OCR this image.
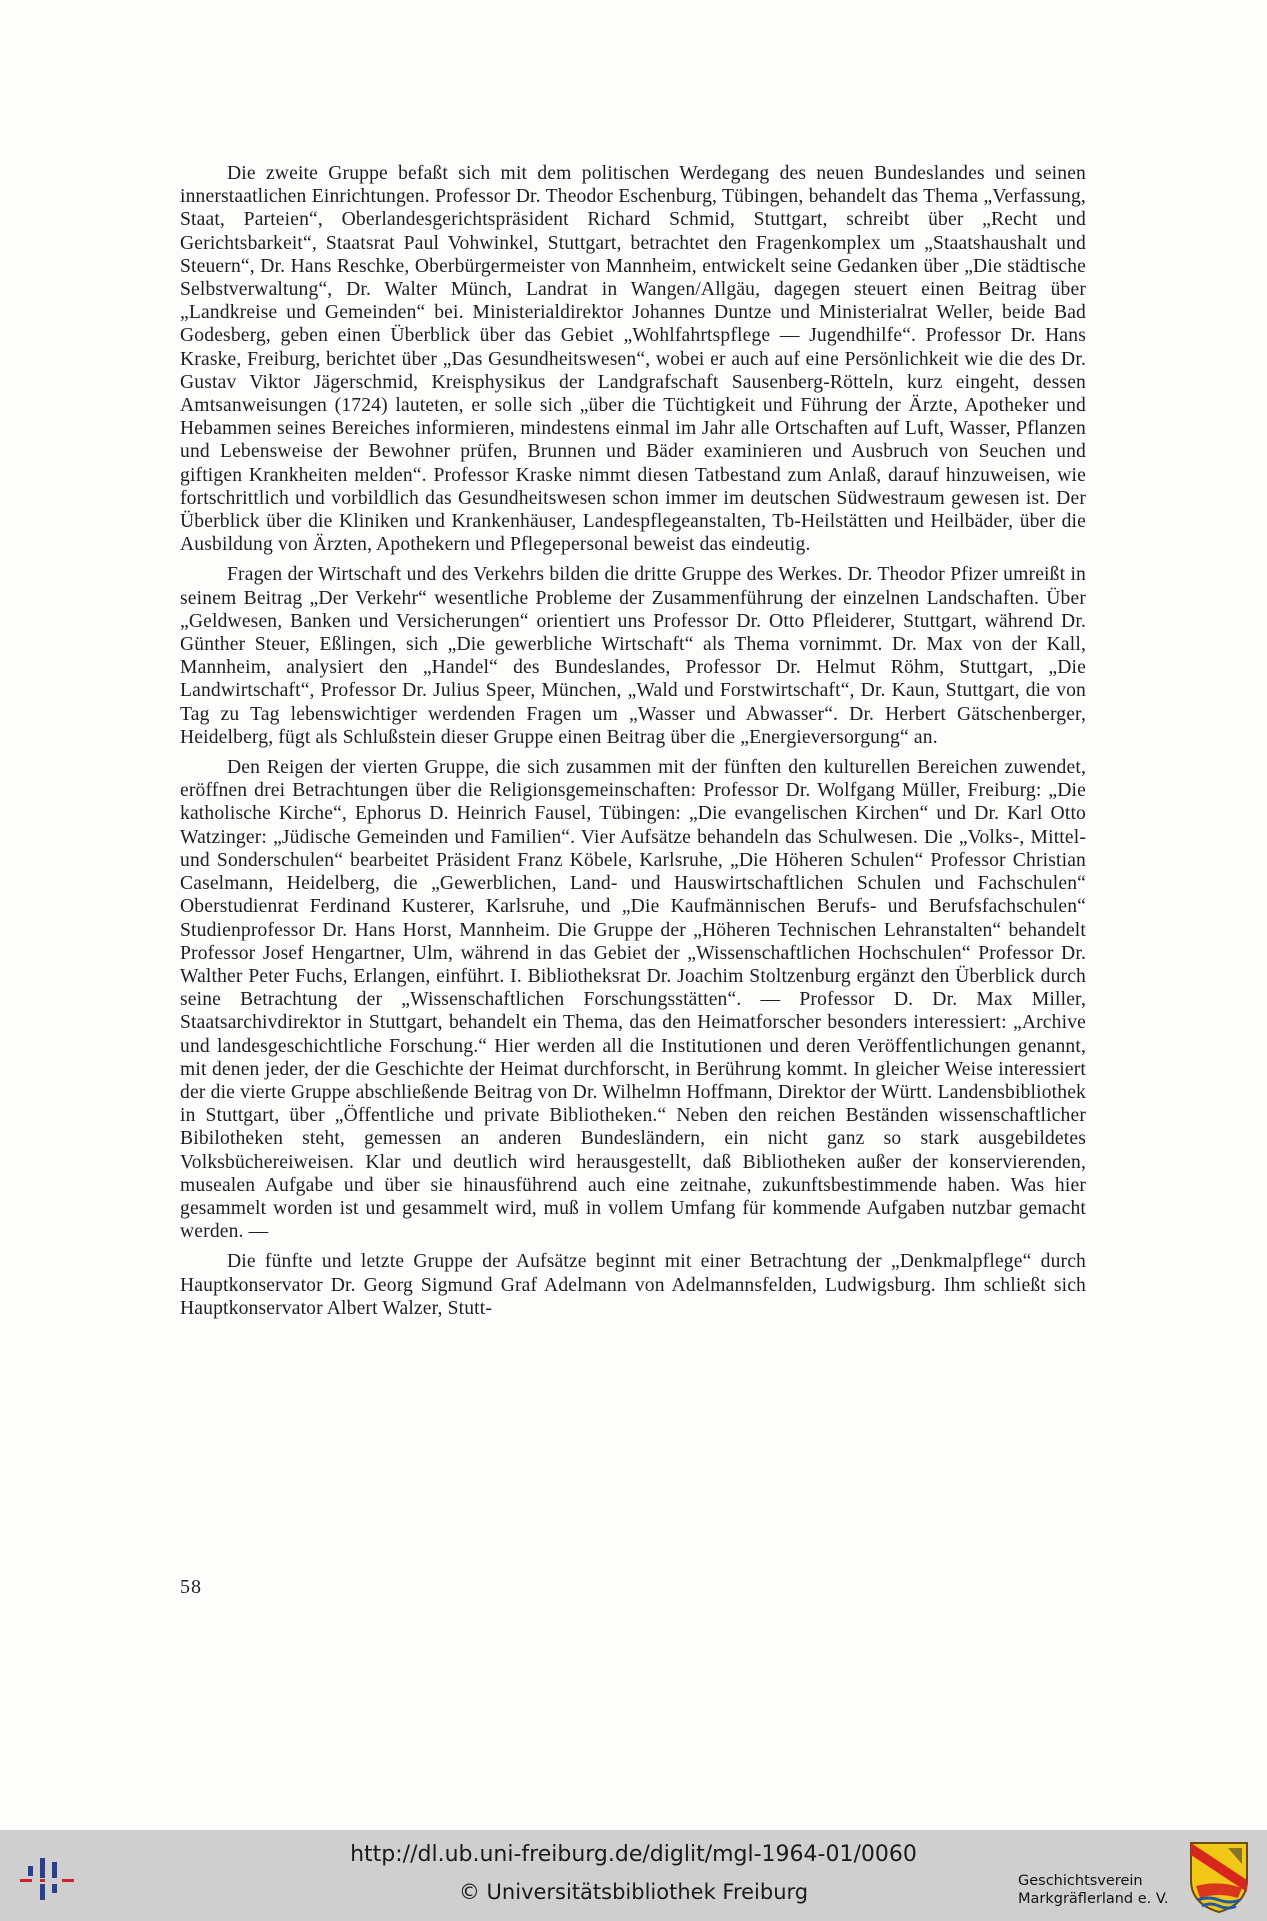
Die zweite Gruppe befaßt sich mit dem politischen Werdegang des neuen Bundeslandes und seinen innerstaatlichen Einrichtungen. Professor Dr. Theodor Eschenburg, Tübingen, behandelt das Thema „Verfassung, Staat, Parteien“, Oberlandesgerichtspräsident Richard Schmid, Stuttgart, schreibt über „Recht und Gerichtsbarkeit“, Staatsrat Paul Vohwinkel, Stuttgart, betrachtet den Fragenkomplex um „Staatshaushalt und Steuern“, Dr. Hans Reschke, Oberbürgermeister von Mannheim, entwickelt seine Gedanken über „Die städtische Selbstverwaltung“, Dr. Walter Münch, Landrat in Wangen/Allgäu, dagegen steuert einen Beitrag über „Landkreise und Gemeinden“ bei. Ministerialdirektor Johannes Duntze und Ministerialrat Weller, beide Bad Godesberg, geben einen Überblick über das Gebiet „Wohlfahrtspflege — Jugendhilfe“. Professor Dr. Hans Kraske, Freiburg, berichtet über „Das Gesundheitswesen“, wobei er auch auf eine Persönlichkeit wie die des Dr. Gustav Viktor Jägerschmid, Kreisphysikus der Landgrafschaft Sausenberg-Rötteln, kurz eingeht, dessen Amtsanweisungen (1724) lauteten, er solle sich „über die Tüchtigkeit und Führung der Ärzte, Apotheker und Hebammen seines Bereiches informieren, mindestens einmal im Jahr alle Ortschaften auf Luft, Wasser, Pflanzen und Lebensweise der Bewohner prüfen, Brunnen und Bäder examinieren und Ausbruch von Seuchen und giftigen Krankheiten melden“. Professor Kraske nimmt diesen Tatbestand zum Anlaß, darauf hinzuweisen, wie fortschrittlich und vorbildlich das Gesundheitswesen schon immer im deutschen Südwestraum gewesen ist. Der Überblick über die Kliniken und Krankenhäuser, Landespflegeanstalten, Tb-Heilstätten und Heilbäder, über die Ausbildung von Ärzten, Apothekern und Pflegepersonal beweist das eindeutig.

Fragen der Wirtschaft und des Verkehrs bilden die dritte Gruppe des Werkes. Dr. Theodor Pfizer umreißt in seinem Beitrag „Der Verkehr“ wesentliche Probleme der Zusammenführung der einzelnen Landschaften. Über „Geldwesen, Banken und Versicherungen“ orientiert uns Professor Dr. Otto Pfleiderer, Stuttgart, während Dr. Günther Steuer, Eßlingen, sich „Die gewerbliche Wirtschaft“ als Thema vornimmt. Dr. Max von der Kall, Mannheim, analysiert den „Handel“ des Bundeslandes, Professor Dr. Helmut Röhm, Stuttgart, „Die Landwirtschaft“, Professor Dr. Julius Speer, München, „Wald und Forstwirtschaft“, Dr. Kaun, Stuttgart, die von Tag zu Tag lebenswichtiger werdenden Fragen um „Wasser und Abwasser“. Dr. Herbert Gätschenberger, Heidelberg, fügt als Schlußstein dieser Gruppe einen Beitrag über die „Energieversorgung“ an.

Den Reigen der vierten Gruppe, die sich zusammen mit der fünften den kulturellen Bereichen zuwendet, eröffnen drei Betrachtungen über die Religionsgemeinschaften: Professor Dr. Wolfgang Müller, Freiburg: „Die katholische Kirche“, Ephorus D. Heinrich Fausel, Tübingen: „Die evangelischen Kirchen“ und Dr. Karl Otto Watzinger: „Jüdische Gemeinden und Familien“. Vier Aufsätze behandeln das Schulwesen. Die „Volks-, Mittel- und Sonderschulen“ bearbeitet Präsident Franz Köbele, Karlsruhe, „Die Höheren Schulen“ Professor Christian Caselmann, Heidelberg, die „Gewerblichen, Land- und Hauswirtschaftlichen Schulen und Fachschulen“ Oberstudienrat Ferdinand Kusterer, Karlsruhe, und „Die Kaufmännischen Berufs- und Berufsfachschulen“ Studienprofessor Dr. Hans Horst, Mannheim. Die Gruppe der „Höheren Technischen Lehranstalten“ behandelt Professor Josef Hengartner, Ulm, während in das Gebiet der „Wissenschaftlichen Hochschulen“ Professor Dr. Walther Peter Fuchs, Erlangen, einführt. I. Bibliotheksrat Dr. Joachim Stoltzenburg ergänzt den Überblick durch seine Betrachtung der „Wissenschaftlichen Forschungsstätten“. — Professor D. Dr. Max Miller, Staatsarchivdirektor in Stuttgart, behandelt ein Thema, das den Heimatforscher besonders interessiert: „Archive und landesgeschichtliche Forschung.“ Hier werden all die Institutionen und deren Veröffentlichungen genannt, mit denen jeder, der die Geschichte der Heimat durchforscht, in Berührung kommt. In gleicher Weise interessiert der die vierte Gruppe abschließende Beitrag von Dr. Wilhelmn Hoffmann, Direktor der Württ. Landensbibliothek in Stuttgart, über „Öffentliche und private Bibliotheken.“ Neben den reichen Beständen wissenschaftlicher Bibilotheken steht, gemessen an anderen Bundesländern, ein nicht ganz so stark ausgebildetes Volksbüchereiweisen. Klar und deutlich wird herausgestellt, daß Bibliotheken außer der konservierenden, musealen Aufgabe und über sie hinausführend auch eine zeitnahe, zukunftsbestimmende haben. Was hier gesammelt worden ist und gesammelt wird, muß in vollem Umfang für kommende Aufgaben nutzbar gemacht werden. —

Die fünfte und letzte Gruppe der Aufsätze beginnt mit einer Betrachtung der „Denkmalpflege“ durch Hauptkonservator Dr. Georg Sigmund Graf Adelmann von Adelmannsfelden, Ludwigsburg. Ihm schließt sich Hauptkonservator Albert Walzer, Stutt-

58
http://dl.ub.uni-freiburg.de/diglit/mgl-1964-01/0060
© Universitätsbibliothek Freiburg	Geschichtsverein
Markgräflerland e. V.
